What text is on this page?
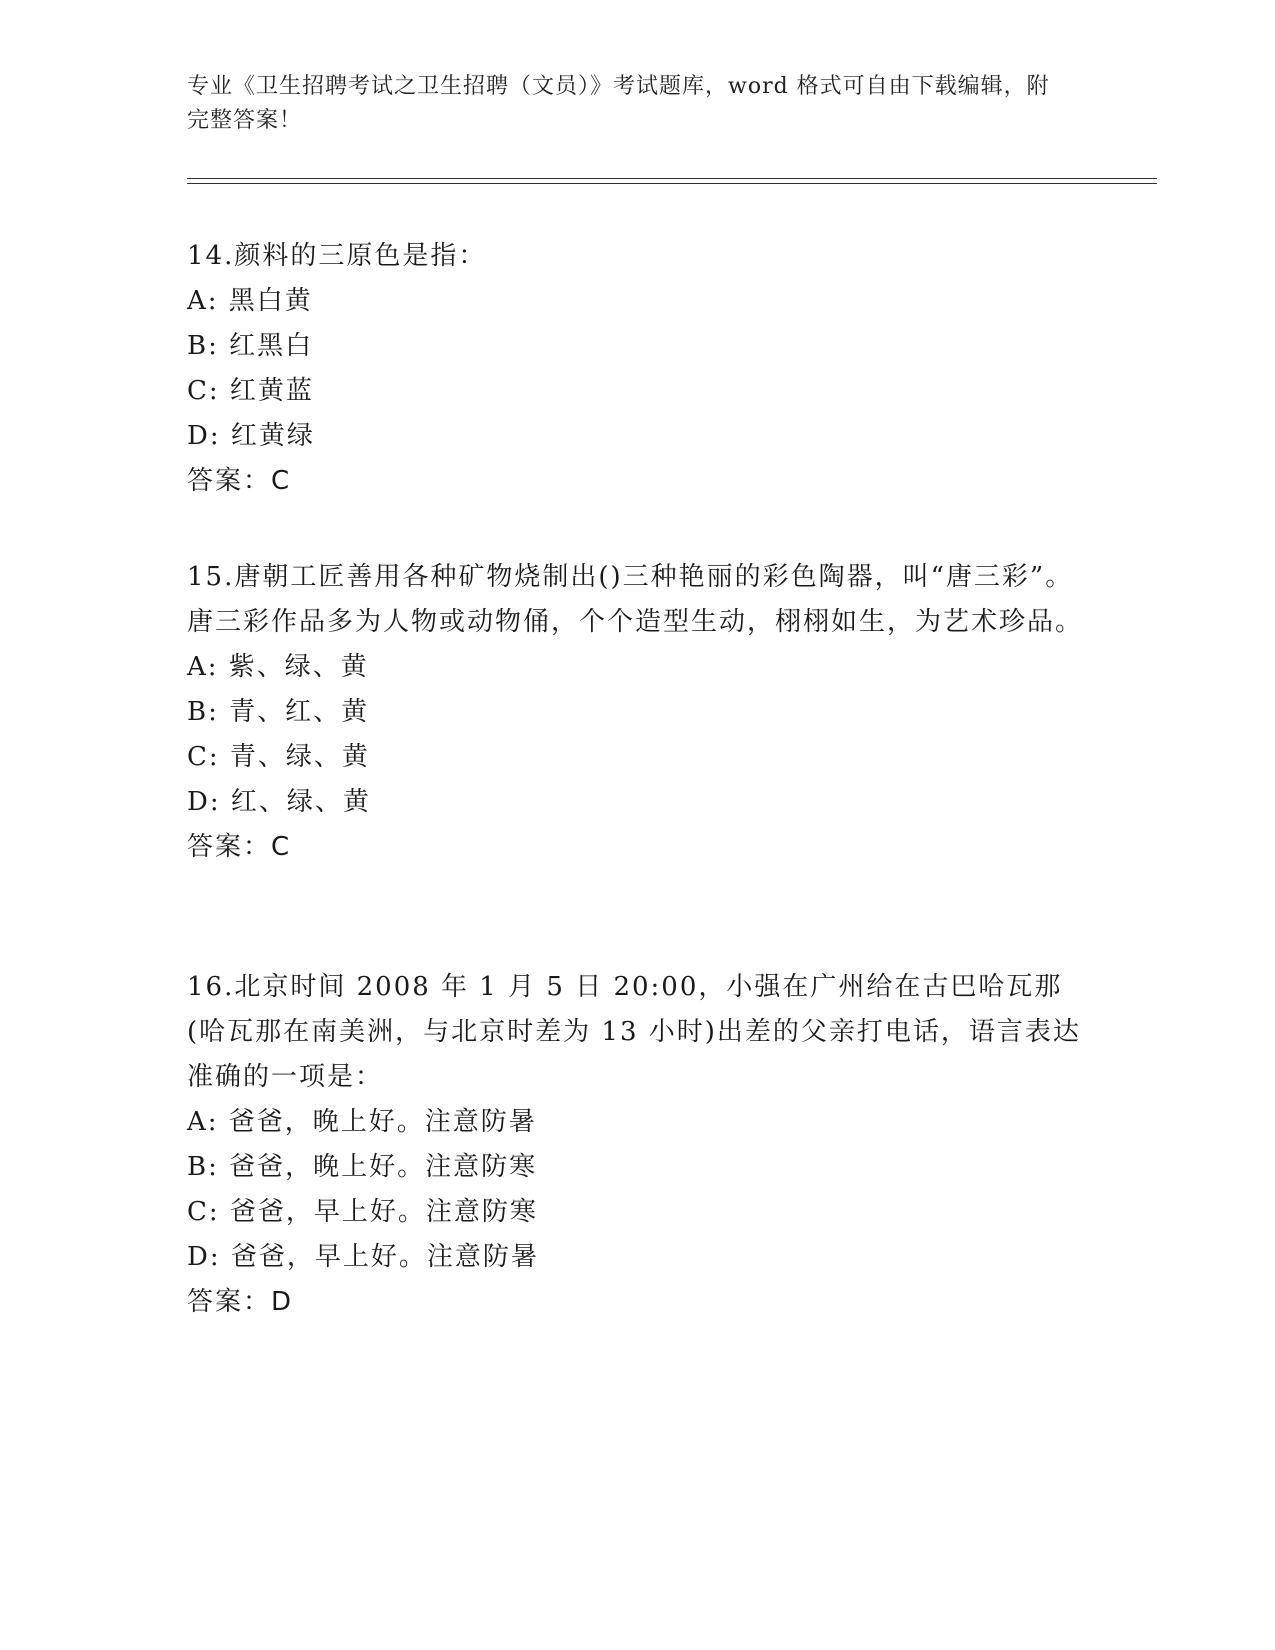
专业《卫生招聘考试之卫生招聘（文员）》考试题库，word 格式可自由下载编辑，附完整答案！

14.颜料的三原色是指：

A: 黑白黄

B: 红黑白

C: 红黄蓝

D: 红黄绿

答案：C

15.唐朝工匠善用各种矿物烧制出()三种艳丽的彩色陶器，叫“唐三彩”。唐三彩作品多为人物或动物俑，个个造型生动，栩栩如生，为艺术珍品。

A: 紫、绿、黄

B: 青、红、黄

C: 青、绿、黄

D: 红、绿、黄

答案：C

16.北京时间 2008 年 1 月 5 日 20:00，小强在广州给在古巴哈瓦那(哈瓦那在南美洲，与北京时差为 13 小时)出差的父亲打电话，语言表达准确的一项是：

A: 爸爸，晚上好。注意防暑

B: 爸爸，晚上好。注意防寒

C: 爸爸，早上好。注意防寒

D: 爸爸，早上好。注意防暑

答案：D
